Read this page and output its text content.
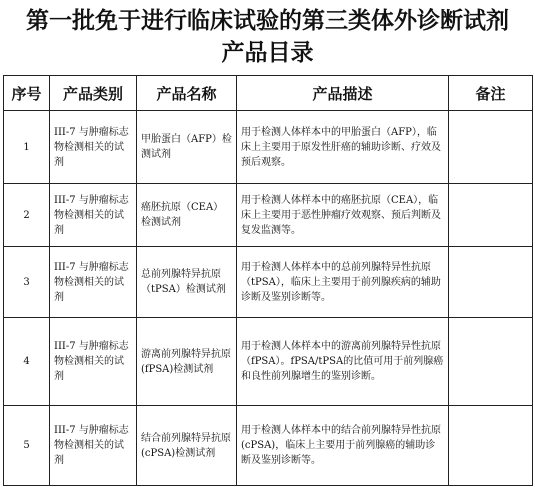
第一批免于进行临床试验的第三类体外诊断试剂
产品目录
序号	产品类别	产品名称	产品描述	备注
1	III-7 与肿瘤标志物检测相关的试剂	甲胎蛋白（AFP）检测试剂	用于检测人体样本中的甲胎蛋白（AFP），临床上主要用于原发性肝癌的辅助诊断、疗效及预后观察。	

2	III-7 与肿瘤标志物检测相关的试剂	癌胚抗原（CEA）检测试剂	用于检测人体样本中的癌胚抗原（CEA），临床上主要用于恶性肿瘤疗效观察、预后判断及复发监测等。	

3	III-7 与肿瘤标志物检测相关的试剂	总前列腺特异抗原（tPSA）检测试剂	用于检测人体样本中的总前列腺特异性抗原（tPSA），临床上主要用于前列腺疾病的辅助诊断及鉴别诊断等。	

4	III-7 与肿瘤标志物检测相关的试剂	游离前列腺特异抗原(fPSA)检测试剂	用于检测人体样本中的游离前列腺特异性抗原（fPSA）。fPSA/tPSA的比值可用于前列腺癌和良性前列腺增生的鉴别诊断。	

5	III-7 与肿瘤标志物检测相关的试剂	结合前列腺特异抗原(cPSA)检测试剂	用于检测人体样本中的结合前列腺特异性抗原(cPSA)，临床上主要用于前列腺癌的辅助诊断及鉴别诊断等。	
